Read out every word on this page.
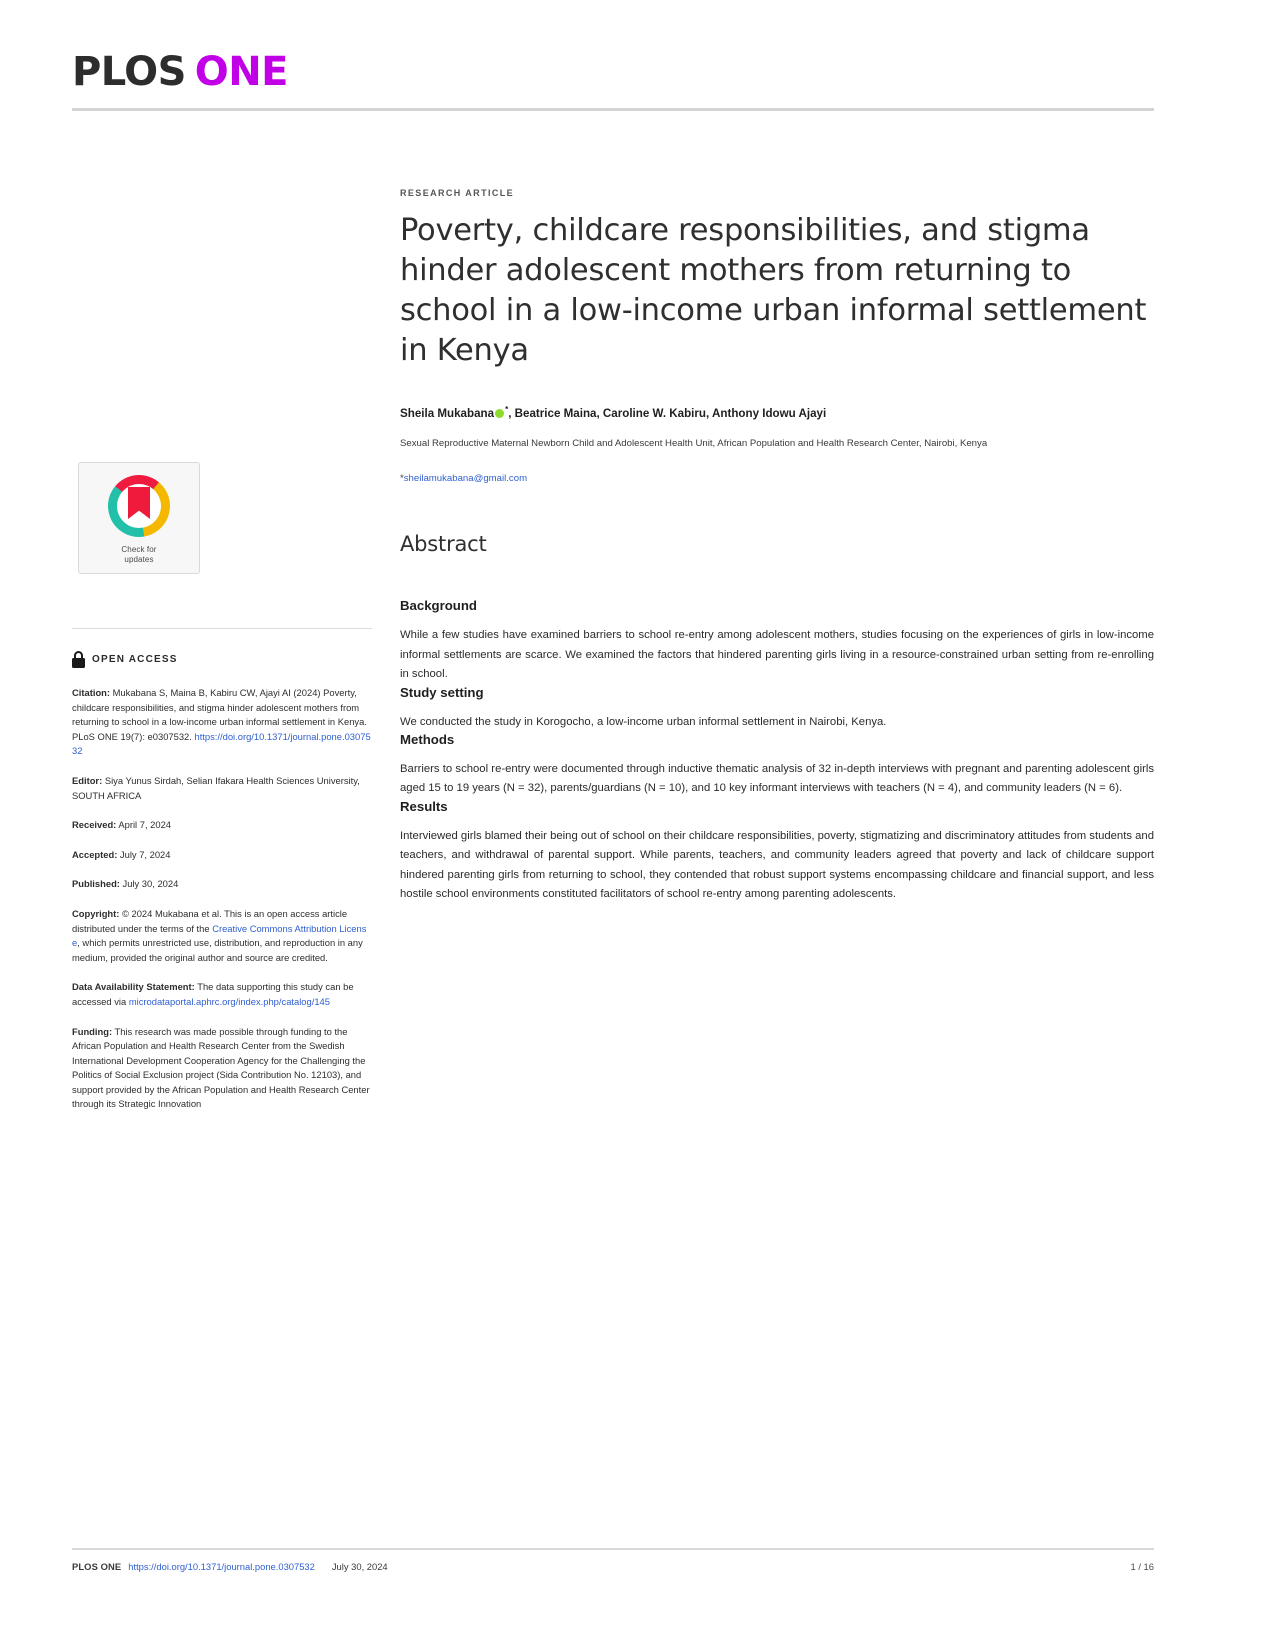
PLOS ONE
Check for
updates
OPEN ACCESS
Citation: Mukabana S, Maina B, Kabiru CW, Ajayi AI (2024) Poverty, childcare responsibilities, and stigma hinder adolescent mothers from returning to school in a low-income urban informal settlement in Kenya. PLoS ONE 19(7): e0307532. https://doi.org/10.1371/journal.pone.0307532
Editor: Siya Yunus Sirdah, Selian Ifakara Health Sciences University, SOUTH AFRICA
Received: April 7, 2024
Accepted: July 7, 2024
Published: July 30, 2024
Copyright: © 2024 Mukabana et al. This is an open access article distributed under the terms of the Creative Commons Attribution License, which permits unrestricted use, distribution, and reproduction in any medium, provided the original author and source are credited.
Data Availability Statement: The data supporting this study can be accessed via microdataportal.aphrc.org/index.php/catalog/145
Funding: This research was made possible through funding to the African Population and Health Research Center from the Swedish International Development Cooperation Agency for the Challenging the Politics of Social Exclusion project (Sida Contribution No. 12103), and support provided by the African Population and Health Research Center through its Strategic Innovation
RESEARCH ARTICLE
Poverty, childcare responsibilities, and stigma hinder adolescent mothers from returning to school in a low-income urban informal settlement in Kenya
Sheila Mukabana *, Beatrice Maina, Caroline W. Kabiru, Anthony Idowu Ajayi
Sexual Reproductive Maternal Newborn Child and Adolescent Health Unit, African Population and Health Research Center, Nairobi, Kenya
*sheilamukabana@gmail.com
Abstract
Background

While a few studies have examined barriers to school re-entry among adolescent mothers, studies focusing on the experiences of girls in low-income informal settlements are scarce. We examined the factors that hindered parenting girls living in a resource-constrained urban setting from re-enrolling in school.

Study setting

We conducted the study in Korogocho, a low-income urban informal settlement in Nairobi, Kenya.

Methods

Barriers to school re-entry were documented through inductive thematic analysis of 32 in-depth interviews with pregnant and parenting adolescent girls aged 15 to 19 years (N = 32), parents/guardians (N = 10), and 10 key informant interviews with teachers (N = 4), and community leaders (N = 6).

Results

Interviewed girls blamed their being out of school on their childcare responsibilities, poverty, stigmatizing and discriminatory attitudes from students and teachers, and withdrawal of parental support. While parents, teachers, and community leaders agreed that poverty and lack of childcare support hindered parenting girls from returning to school, they contended that robust support systems encompassing childcare and financial support, and less hostile school environments constituted facilitators of school re-entry among parenting adolescents.

PLOS ONE https://doi.org/10.1371/journal.pone.0307532 July 30, 2024	1 / 16
